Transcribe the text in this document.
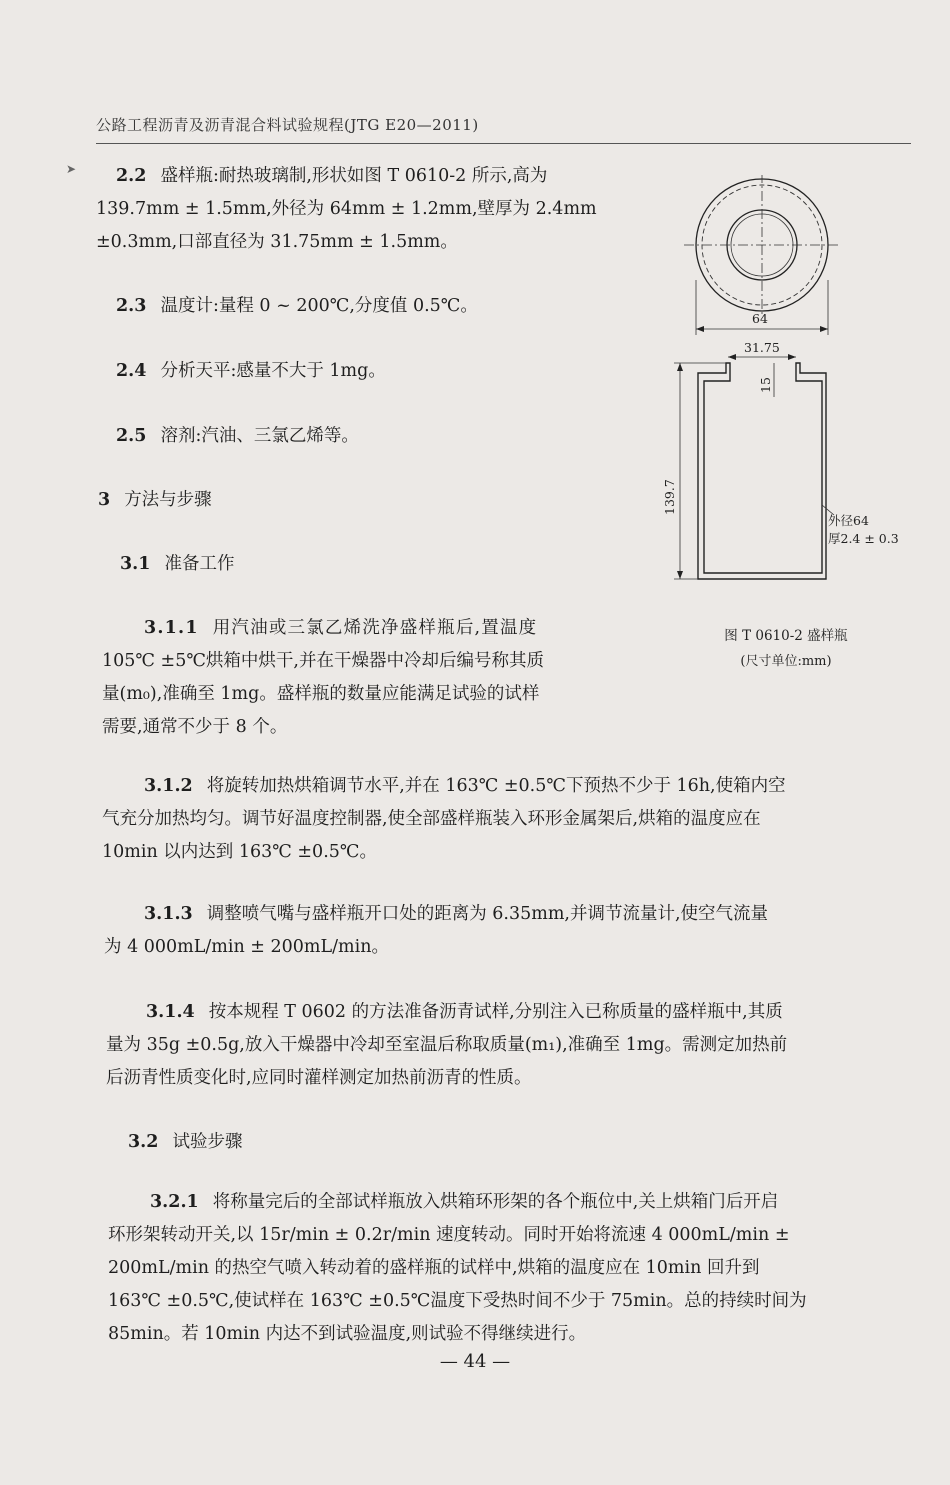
公路工程沥青及沥青混合料试验规程(JTG E20—2011)
➤ 2.2 盛样瓶:耐热玻璃制,形状如图 T 0610-2 所示,高为
139.7mm ± 1.5mm,外径为 64mm ± 1.2mm,壁厚为 2.4mm
±0.3mm,口部直径为 31.75mm ± 1.5mm。
2.3 温度计:量程 0 ~ 200℃,分度值 0.5℃。
2.4 分析天平:感量不大于 1mg。
2.5 溶剂:汽油、三氯乙烯等。
3 方法与步骤
3.1 准备工作
3.1.1 用汽油或三氯乙烯洗净盛样瓶后,置温度
105℃ ±5℃烘箱中烘干,并在干燥器中冷却后编号称其质
量(m₀),准确至 1mg。盛样瓶的数量应能满足试验的试样
需要,通常不少于 8 个。
3.1.2 将旋转加热烘箱调节水平,并在 163℃ ±0.5℃下预热不少于 16h,使箱内空
气充分加热均匀。调节好温度控制器,使全部盛样瓶装入环形金属架后,烘箱的温度应在
10min 以内达到 163℃ ±0.5℃。
3.1.3 调整喷气嘴与盛样瓶开口处的距离为 6.35mm,并调节流量计,使空气流量
为 4 000mL/min ± 200mL/min。
3.1.4 按本规程 T 0602 的方法准备沥青试样,分别注入已称质量的盛样瓶中,其质
量为 35g ±0.5g,放入干燥器中冷却至室温后称取质量(m₁),准确至 1mg。需测定加热前
后沥青性质变化时,应同时灌样测定加热前沥青的性质。
3.2 试验步骤
3.2.1 将称量完后的全部试样瓶放入烘箱环形架的各个瓶位中,关上烘箱门后开启
环形架转动开关,以 15r/min ± 0.2r/min 速度转动。同时开始将流速 4 000mL/min ±
200mL/min 的热空气喷入转动着的盛样瓶的试样中,烘箱的温度应在 10min 回升到
163℃ ±0.5℃,使试样在 163℃ ±0.5℃温度下受热时间不少于 75min。总的持续时间为
85min。若 10min 内达不到试验温度,则试验不得继续进行。
64
31.75
15
139.7
外径64
厚2.4 ± 0.3
图 T 0610-2 盛样瓶
(尺寸单位:mm)
— 44 —
